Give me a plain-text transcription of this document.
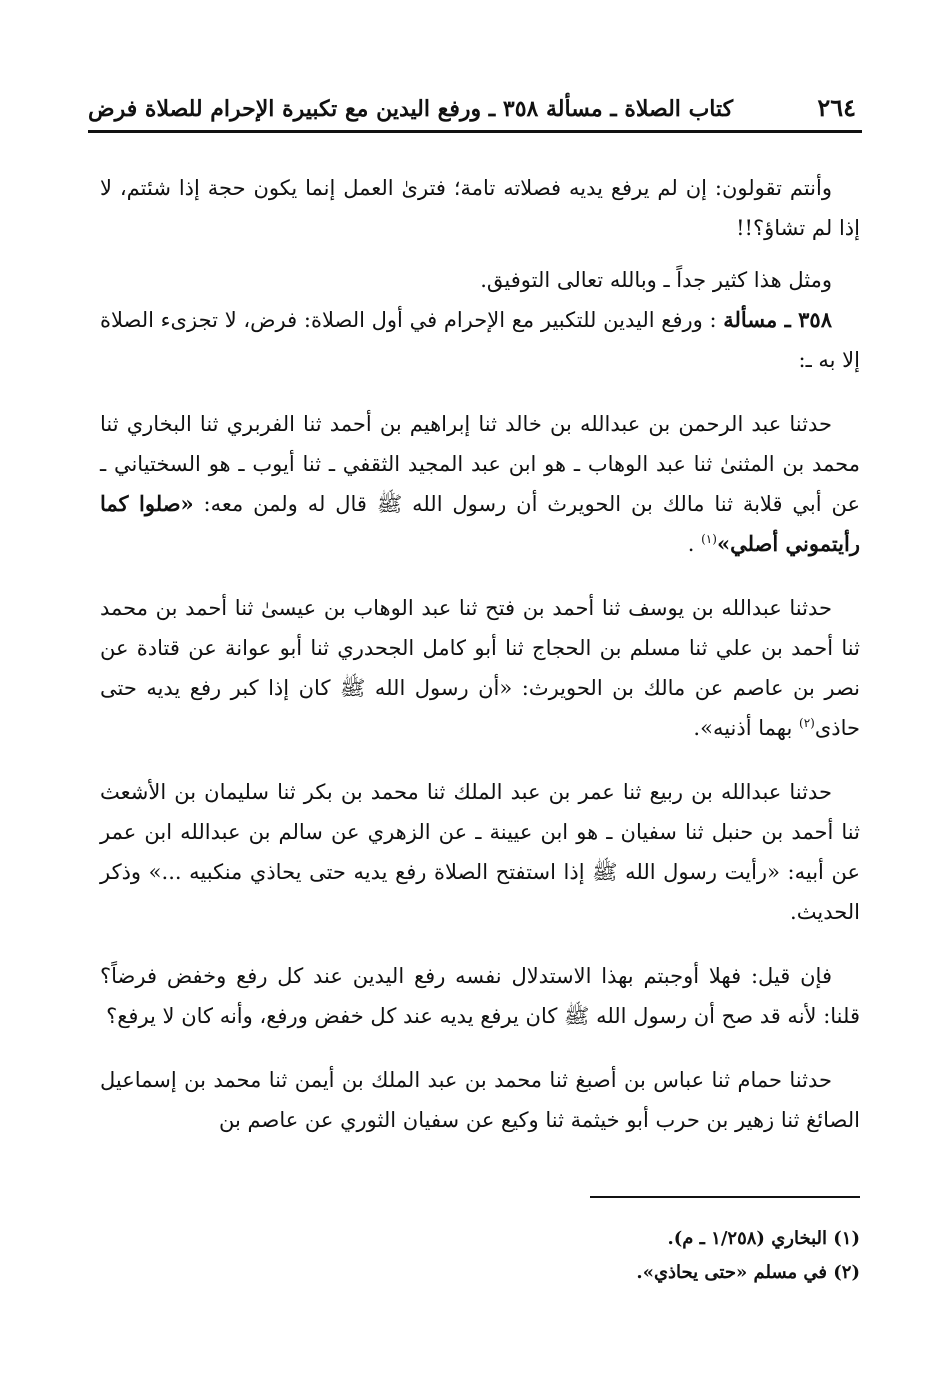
٢٦٤
كتاب الصلاة ـ مسألة ٣٥٨ ـ ورفع اليدين مع تكبيرة الإحرام للصلاة فرض

وأنتم تقولون: إن لم يرفع يديه فصلاته تامة؛ فترىٰ العمل إنما يكون حجة إذا شئتم، لا إذا لم تشاؤ؟!!

ومثل هذا كثير جداً ـ وبالله تعالى التوفيق.

٣٥٨ ـ مسألة : ورفع اليدين للتكبير مع الإحرام في أول الصلاة: فرض، لا تجزىء الصلاة إلا به ـ:

حدثنا عبد الرحمن بن عبدالله بن خالد ثنا إبراهيم بن أحمد ثنا الفربري ثنا البخاري ثنا محمد بن المثنىٰ ثنا عبد الوهاب ـ هو ابن عبد المجيد الثقفي ـ ثنا أيوب ـ هو السختياني ـ عن أبي قلابة ثنا مالك بن الحويرث أن رسول الله ﷺ قال له ولمن معه: «صلوا كما رأيتموني أصلي»$^{(١)}$ .

حدثنا عبدالله بن يوسف ثنا أحمد بن فتح ثنا عبد الوهاب بن عيسىٰ ثنا أحمد بن محمد ثنا أحمد بن علي ثنا مسلم بن الحجاج ثنا أبو كامل الجحدري ثنا أبو عوانة عن قتادة عن نصر بن عاصم عن مالك بن الحويرث: «أن رسول الله ﷺ كان إذا كبر رفع يديه حتى حاذى$^{(٢)}$ بهما أذنيه».

حدثنا عبدالله بن ربيع ثنا عمر بن عبد الملك ثنا محمد بن بكر ثنا سليمان بن الأشعث ثنا أحمد بن حنبل ثنا سفيان ـ هو ابن عيينة ـ عن الزهري عن سالم بن عبدالله ابن عمر عن أبيه: «رأيت رسول الله ﷺ إذا استفتح الصلاة رفع يديه حتى يحاذي منكبيه ...» وذكر الحديث.

فإن قيل: فهلا أوجبتم بهذا الاستدلال نفسه رفع اليدين عند كل رفع وخفض فرضاً؟ قلنا: لأنه قد صح أن رسول الله ﷺ كان يرفع يديه عند كل خفض ورفع، وأنه كان لا يرفع؟

حدثنا حمام ثنا عباس بن أصبغ ثنا محمد بن عبد الملك بن أيمن ثنا محمد بن إسماعيل الصائغ ثنا زهير بن حرب أبو خيثمة ثنا وكيع عن سفيان الثوري عن عاصم بن

(١) البخاري (١/٢٥٨ ـ م).
(٢) في مسلم «حتى يحاذي».
